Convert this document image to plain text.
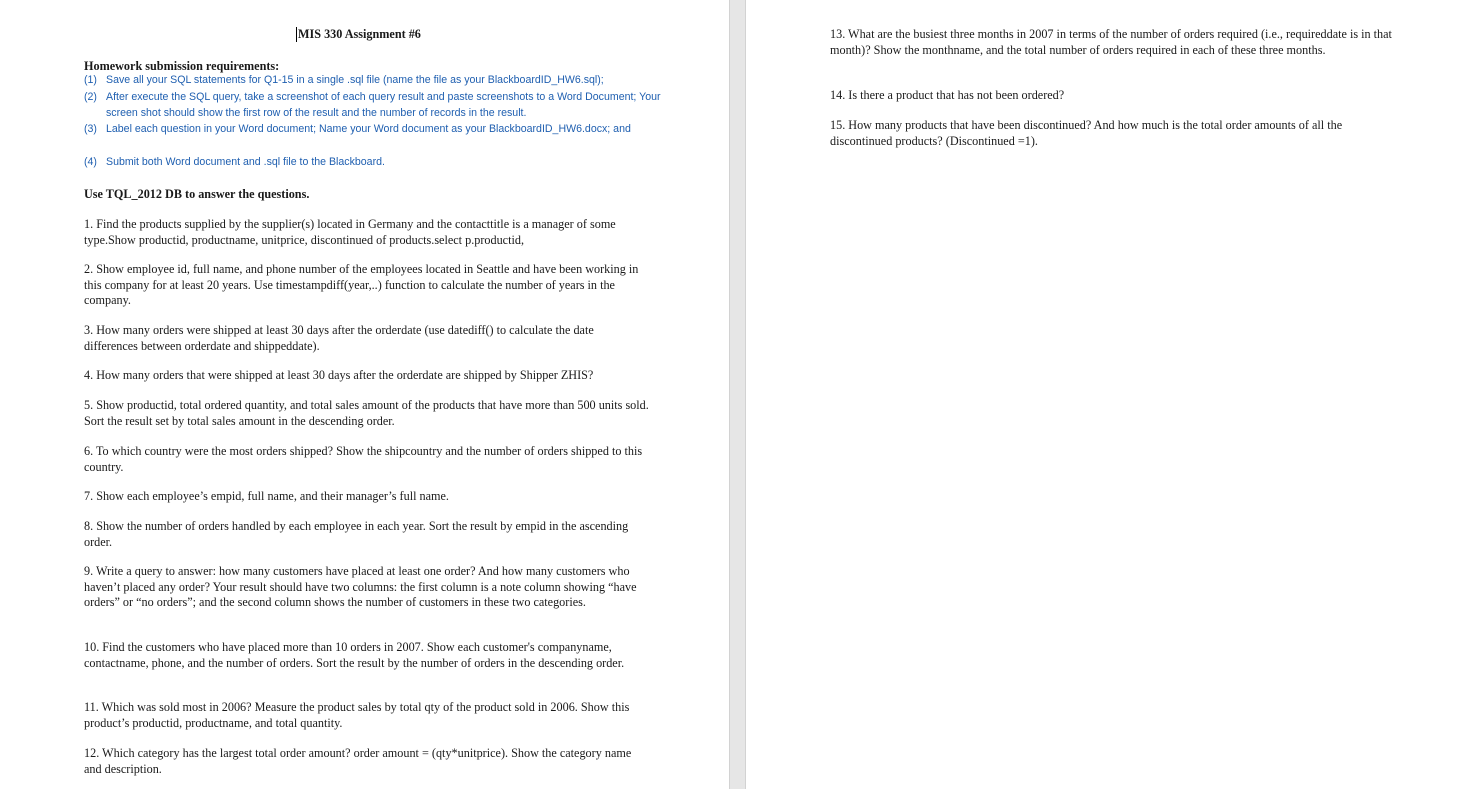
MIS 330 Assignment #6
Homework submission requirements:
(1) Save all your SQL statements for Q1-15 in a single .sql file (name the file as your BlackboardID_HW6.sql);
(2) After execute the SQL query, take a screenshot of each query result and paste screenshots to a Word Document; Your screen shot should show the first row of the result and the number of records in the result.
(3) Label each question in your Word document; Name your Word document as your BlackboardID_HW6.docx; and
(4) Submit both Word document and .sql file to the Blackboard.
Use TQL_2012 DB to answer the questions.
1. Find the products supplied by the supplier(s) located in Germany and the contacttitle is a manager of some type.Show productid, productname, unitprice, discontinued of products.select p.productid,
2. Show employee id, full name, and phone number of the employees located in Seattle and have been working in this company for at least 20 years. Use timestampdiff(year,..) function to calculate the number of years in the company.
3. How many orders were shipped at least 30 days after the orderdate (use datediff() to calculate the date differences between orderdate and shippeddate).
4. How many orders that were shipped at least 30 days after the orderdate are shipped by Shipper ZHIS?
5. Show productid, total ordered quantity, and total sales amount of the products that have more than 500 units sold. Sort the result set by total sales amount in the descending order.
6. To which country were the most orders shipped? Show the shipcountry and the number of orders shipped to this country.
7. Show each employee’s empid, full name, and their manager’s full name.
8. Show the number of orders handled by each employee in each year. Sort the result by empid in the ascending order.
9. Write a query to answer: how many customers have placed at least one order? And how many customers who haven’t placed any order? Your result should have two columns: the first column is a note column showing “have orders” or “no orders”; and the second column shows the number of customers in these two categories.
10. Find the customers who have placed more than 10 orders in 2007. Show each customer's companyname, contactname, phone, and the number of orders. Sort the result by the number of orders in the descending order.
11. Which was sold most in 2006? Measure the product sales by total qty of the product sold in 2006. Show this product’s productid, productname, and total quantity.
12. Which category has the largest total order amount? order amount = (qty*unitprice). Show the category name and description.
13. What are the busiest three months in 2007 in terms of the number of orders required (i.e., requireddate is in that month)? Show the monthname, and the total number of orders required in each of these three months.
14. Is there a product that has not been ordered?
15. How many products that have been discontinued? And how much is the total order amounts of all the discontinued products? (Discontinued =1).
